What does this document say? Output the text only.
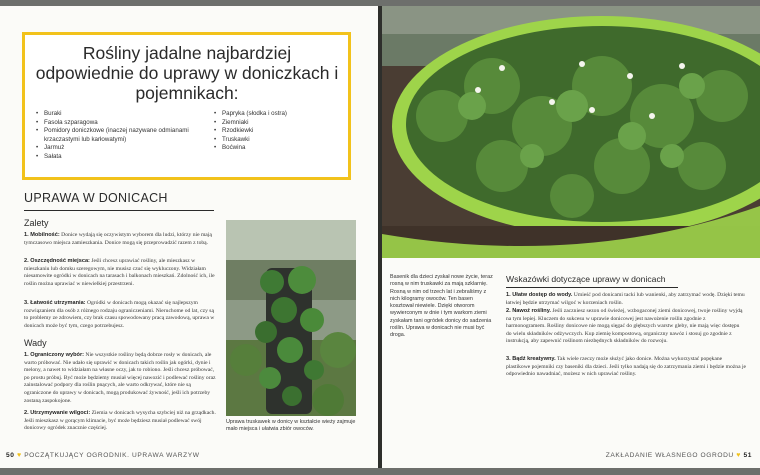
Rośliny jadalne najbardziej odpowiednie do uprawy w doniczkach i pojemnikach:
• Buraki
• Fasola szparagowa
• Pomidory doniczkowe (inaczej nazywane odmianami krzaczastymi lub karłowatymi)
• Jarmuż
• Sałata
• Papryka (słodka i ostra)
• Ziemniaki
• Rzodkiewki
• Truskawki
• Boćwina
UPRAWA W DONICACH
Zalety

1. Mobilność: Donice wydają się oczywistym wyborem dla ludzi, którzy nie mają tymczasowo miejsca zamieszkania. Donice mogą się przeprowadzić razem z tobą.

2. Oszczędność miejsca: Jeśli chcesz uprawiać rośliny, ale mieszkasz w mieszkaniu lub domku szeregowym, nie musisz czuć się wykluczony. Widziałam niesamowite ogródki w donicach na tarasach i balkonach mieszkań. Zdolność ich, ile roślin można uprawiać w niewielkiej przestrzeni.

3. Łatwość utrzymania: Ogródki w donicach mogą okazać się najlepszym rozwiązaniem dla osób z różnego rodzaju ograniczeniami. Nieruchome od lat, czy są to problemy ze zdrowiem, czy brak czasu spowodowany pracą zawodową, uprawa w donicach może być tym, czego potrzebujesz.

Wady

1. Ograniczony wybór: Nie wszystkie rośliny będą dobrze rosły w donicach, ale warto próbować. Nie udało się uprawić w donicach takich roślin jak ogórki, dynie i melony, a nawet to widziałam na własne oczy, jak to robiono. Jeśli chcesz próbować, po prostu próbuj. Być może będziemy musiał więcej nawozić i podlewać rośliny oraz zainstalować podpory dla roślin pnących, ale warto odkrywać, które nie są ograniczone do uprawy w donicach, mogą produkować żywność, jeśli ich potrzeby zostaną zaspokojone.

2. Utrzymywanie wilgoci: Ziemia w donicach wysycha szybciej niż na grządkach. Jeśli mieszkasz w gorącym klimacie, być może będziesz musiał podlewać swój donicowy ogródek znacznie częściej.

Uprawa truskawek w donicy w kształcie wieży zajmuje mało miejsca i ułatwia zbiór owoców.
50 ♥ POCZĄTKUJĄCY OGRODNIK. UPRAWA WARZYW
Basenik dla dzieci zyskał nowe życie, teraz rosną w nim truskawki za mają szklarnię. Rosną w nim od trzech lat i zebraliśmy z nich kilogramy owoców. Ten basen kosztował niewiele. Dzięki otworom wywierconym w dnie i tym warkom ziemi zyskałam tani ogródek donicy do sadzenia roślin. Uprawa w donicach nie musi być droga.
Wskazówki dotyczące uprawy w donicach

1. Ułatw dostęp do wody. Umieść pod donicami tacki lub wanienki, aby zatrzymać wodę. Dzięki temu łatwiej będzie utrzymać wilgoć w korzeniach roślin.

2. Nawoź rośliny. Jeśli zaczniesz sezon od świeżej, wzbogaconej ziemi donicowej, twoje rośliny wyjdą na tym lepiej. Kluczem do sukcesu w uprawie donicowej jest nawożenie roślin zgodnie z harmonogramem. Rośliny donicowe nie mogą sięgać do głębszych warstw gleby, nie mają więc dostępu do wielu składników odżywczych. Kup ziemię kompostową, organiczny nawóz i stosuj go zgodnie z instrukcją, aby zapewnić roślinom niezbędnych składników do rozwoju.

3. Bądź kreatywny. Tak wiele rzeczy może służyć jako donice. Można wykorzystać popękane plastikowe pojemniki czy baseniki dla dzieci. Jeśli tylko nadają się do zatrzymania ziemi i będzie można je odpowiednio nawadniać, możesz w nich uprawiać rośliny.

ZAKŁADANIE WŁASNEGO OGRODU ♥ 51
